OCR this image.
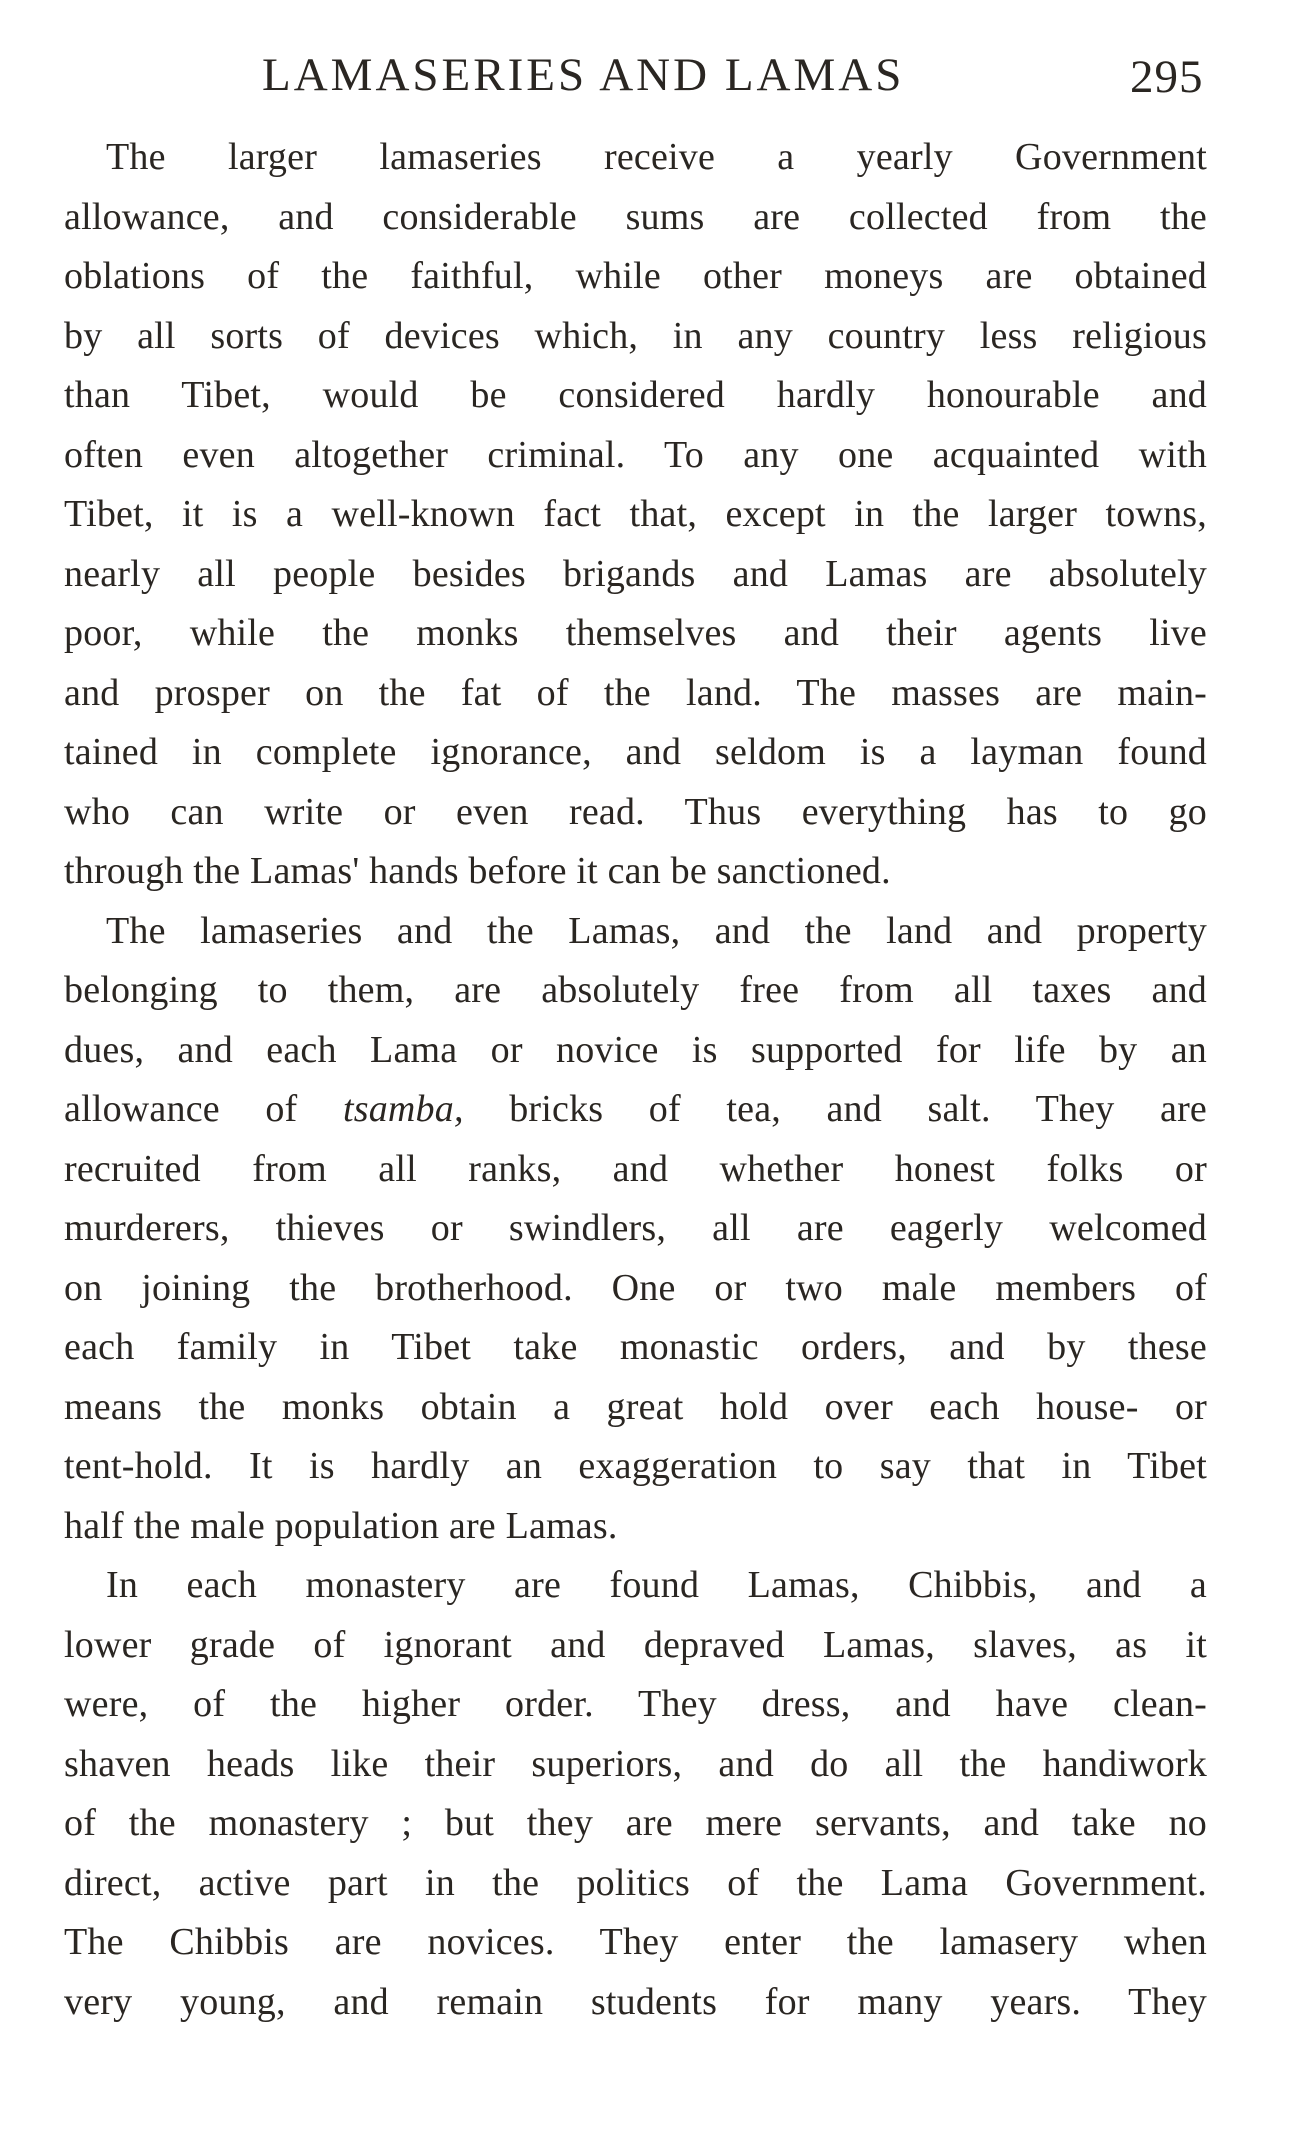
LAMASERIES AND LAMAS	295
The larger lamaseries receive a yearly Government
allowance, and considerable sums are collected from the
oblations of the faithful, while other moneys are obtained
by all sorts of devices which, in any country less religious
than Tibet, would be considered hardly honourable and
often even altogether criminal. To any one acquainted with
Tibet, it is a well-known fact that, except in the larger towns,
nearly all people besides brigands and Lamas are absolutely
poor, while the monks themselves and their agents live
and prosper on the fat of the land. The masses are main-
tained in complete ignorance, and seldom is a layman found
who can write or even read. Thus everything has to go
through the Lamas' hands before it can be sanctioned.
The lamaseries and the Lamas, and the land and property
belonging to them, are absolutely free from all taxes and
dues, and each Lama or novice is supported for life by an
allowance of tsamba, bricks of tea, and salt. They are
recruited from all ranks, and whether honest folks or
murderers, thieves or swindlers, all are eagerly welcomed
on joining the brotherhood. One or two male members of
each family in Tibet take monastic orders, and by these
means the monks obtain a great hold over each house- or
tent-hold. It is hardly an exaggeration to say that in Tibet
half the male population are Lamas.
In each monastery are found Lamas, Chibbis, and a
lower grade of ignorant and depraved Lamas, slaves, as it
were, of the higher order. They dress, and have clean-
shaven heads like their superiors, and do all the handiwork
of the monastery ; but they are mere servants, and take no
direct, active part in the politics of the Lama Government.
The Chibbis are novices. They enter the lamasery when
very young, and remain students for many years. They
